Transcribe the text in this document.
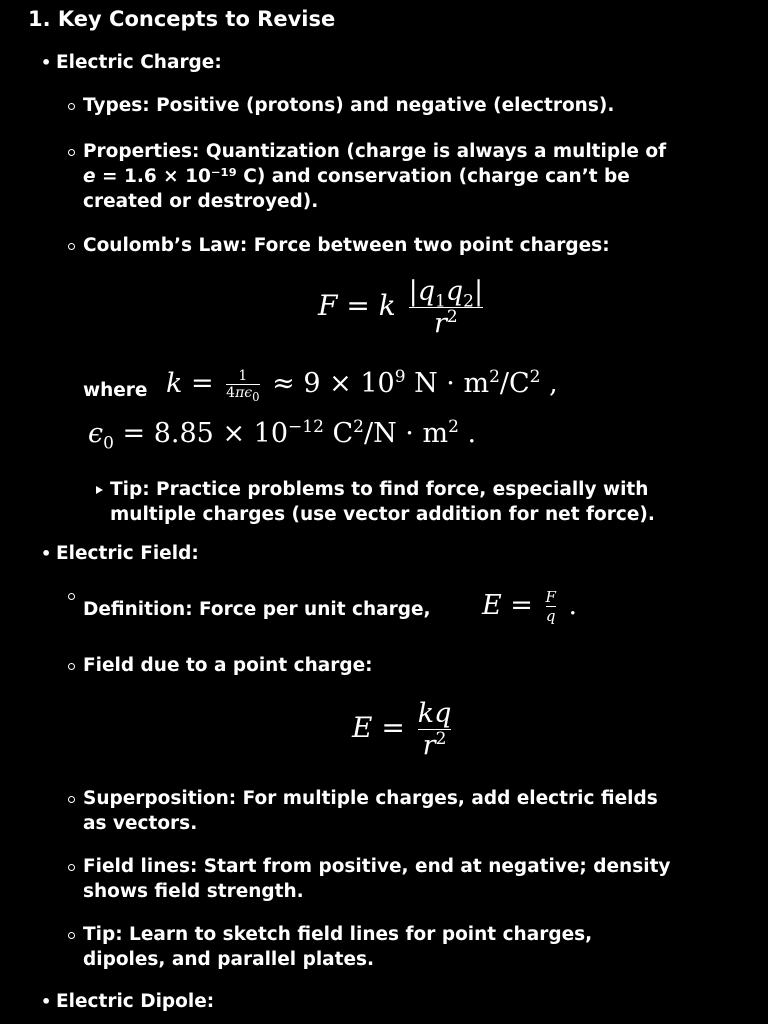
1. Key Concepts to Revise
• Electric Charge:
Types: Positive (protons) and negative (electrons).
Properties: Quantization (charge is always a multiple of
e = 1.6 × 10⁻¹⁹ C) and conservation (charge can’t be
created or destroyed).
Coulomb’s Law: Force between two point charges:
F = k $\frac{|q_1q_2|}{r^2}$
where $k = \frac{1}{4\pi\epsilon_0} \approx 9 \times 10^9$ $N \cdot m^2/C^2$ ,
$\epsilon_0 = 8.85 \times 10^{-12}$ $C^2/N \cdot m^2$ .
Tip: Practice problems to find force, especially with
multiple charges (use vector addition for net force).
• Electric Field:
Definition: Force per unit charge, $E = \frac{F}{q}$ .
Field due to a point charge:
$E = \frac{kq}{r^2}$
Superposition: For multiple charges, add electric fields
as vectors.
Field lines: Start from positive, end at negative; density
shows field strength.
Tip: Learn to sketch field lines for point charges,
dipoles, and parallel plates.
• Electric Dipole:
